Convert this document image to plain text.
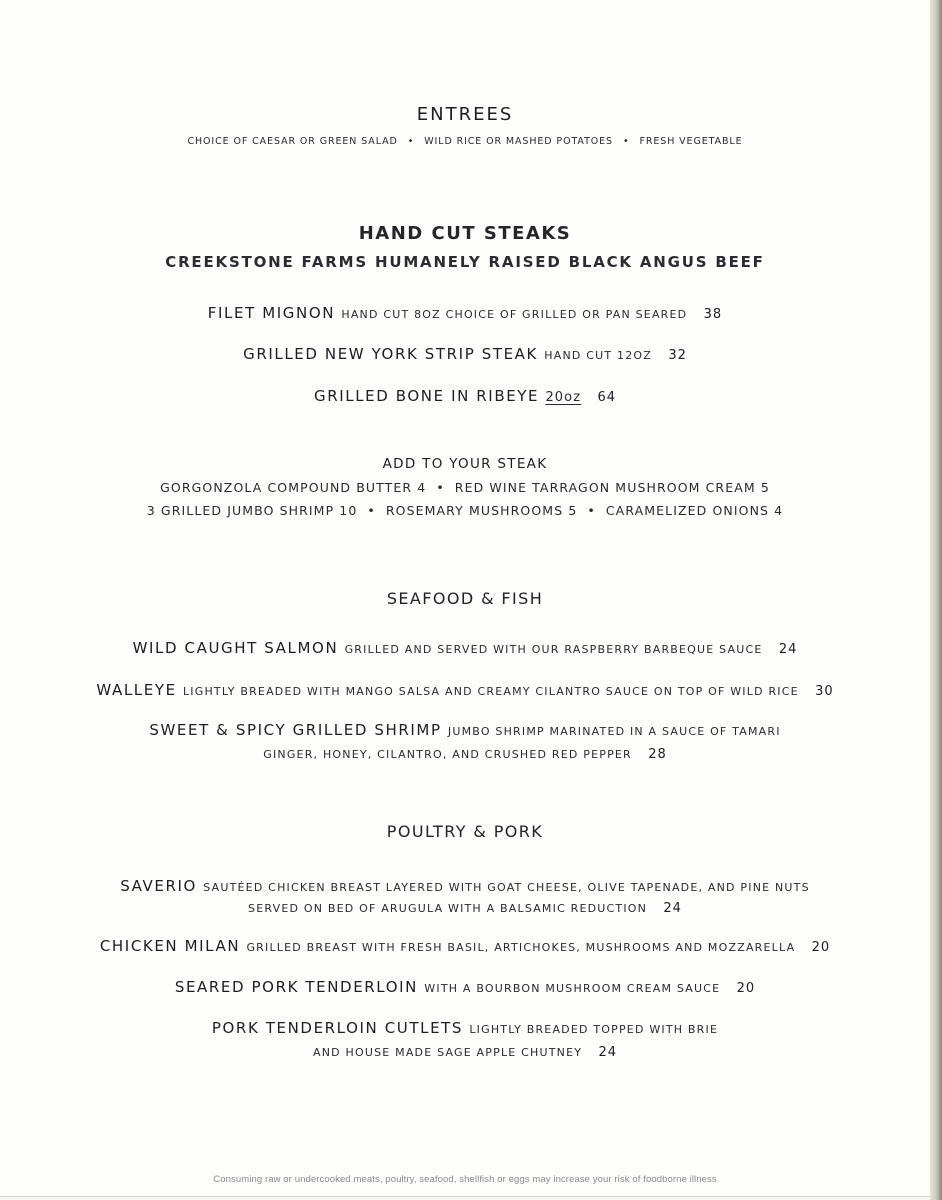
ENTREES
CHOICE OF CAESAR OR GREEN SALAD • WILD RICE OR MASHED POTATOES • FRESH VEGETABLE
HAND CUT STEAKS
CREEKSTONE FARMS HUMANELY RAISED BLACK ANGUS BEEF
FILET MIGNON HAND CUT 8OZ CHOICE OF GRILLED OR PAN SEARED 38
GRILLED NEW YORK STRIP STEAK HAND CUT 12OZ 32
GRILLED BONE IN RIBEYE 20oz 64
ADD TO YOUR STEAK
GORGONZOLA COMPOUND BUTTER 4 • RED WINE TARRAGON MUSHROOM CREAM 5
3 GRILLED JUMBO SHRIMP 10 • ROSEMARY MUSHROOMS 5 • CARAMELIZED ONIONS 4
SEAFOOD & FISH
WILD CAUGHT SALMON GRILLED AND SERVED WITH OUR RASPBERRY BARBEQUE SAUCE 24
WALLEYE LIGHTLY BREADED WITH MANGO SALSA AND CREAMY CILANTRO SAUCE ON TOP OF WILD RICE 30
SWEET & SPICY GRILLED SHRIMP JUMBO SHRIMP MARINATED IN A SAUCE OF TAMARI
GINGER, HONEY, CILANTRO, AND CRUSHED RED PEPPER 28
POULTRY & PORK
SAVERIO SAUTÉED CHICKEN BREAST LAYERED WITH GOAT CHEESE, OLIVE TAPENADE, AND PINE NUTS
SERVED ON BED OF ARUGULA WITH A BALSAMIC REDUCTION 24
CHICKEN MILAN GRILLED BREAST WITH FRESH BASIL, ARTICHOKES, MUSHROOMS AND MOZZARELLA 20
SEARED PORK TENDERLOIN WITH A BOURBON MUSHROOM CREAM SAUCE 20
PORK TENDERLOIN CUTLETS LIGHTLY BREADED TOPPED WITH BRIE
AND HOUSE MADE SAGE APPLE CHUTNEY 24
Consuming raw or undercooked meats, poultry, seafood, shellfish or eggs may increase your risk of foodborne illness
